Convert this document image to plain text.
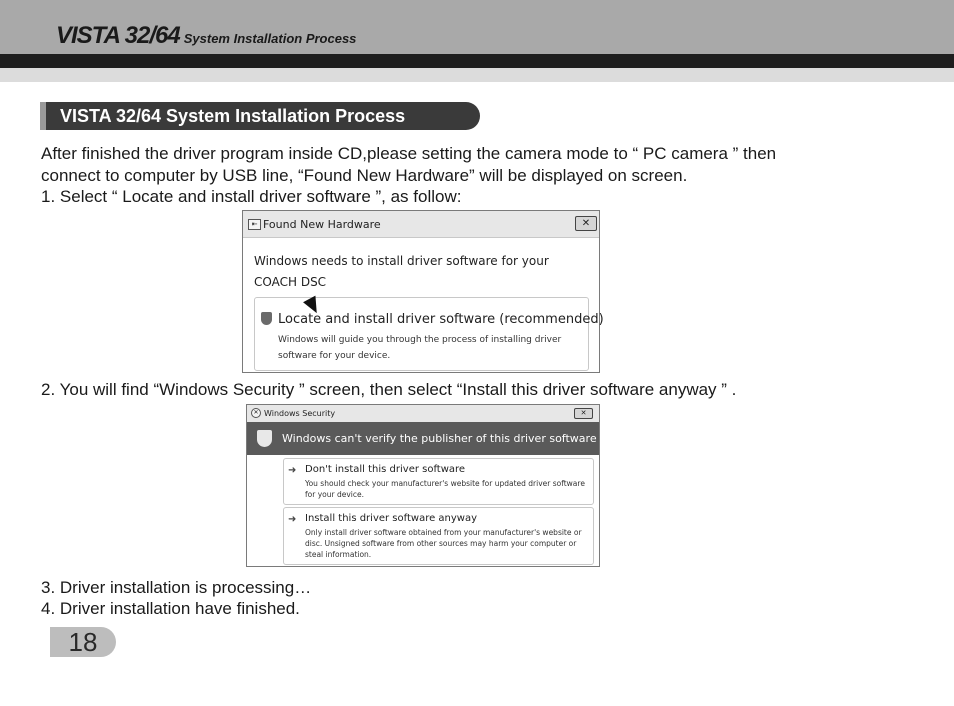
VISTA 32/64 System Installation Process
VISTA 32/64 System Installation Process
After finished the driver program inside CD,please setting the camera mode to “ PC camera ” then
connect to computer by USB line, “Found New Hardware” will be displayed on screen.
1. Select “ Locate and install driver software ”, as follow:
⇤ Found New Hardware	✕
Windows needs to install driver software for your COACH DSC
Locate and install driver software (recommended)
Windows will guide you through the process of installing driver software for your device.
2. You will find “Windows Security ” screen, then select “Install this driver software anyway ” .
✕ Windows Security	✕
Windows can't verify the publisher of this driver software
➜ Don't install this driver software
You should check your manufacturer's website for updated driver software for your device.
➜ Install this driver software anyway
Only install driver software obtained from your manufacturer's website or disc. Unsigned software from other sources may harm your computer or steal information.
3. Driver installation is processing…
4. Driver installation have finished.
18
